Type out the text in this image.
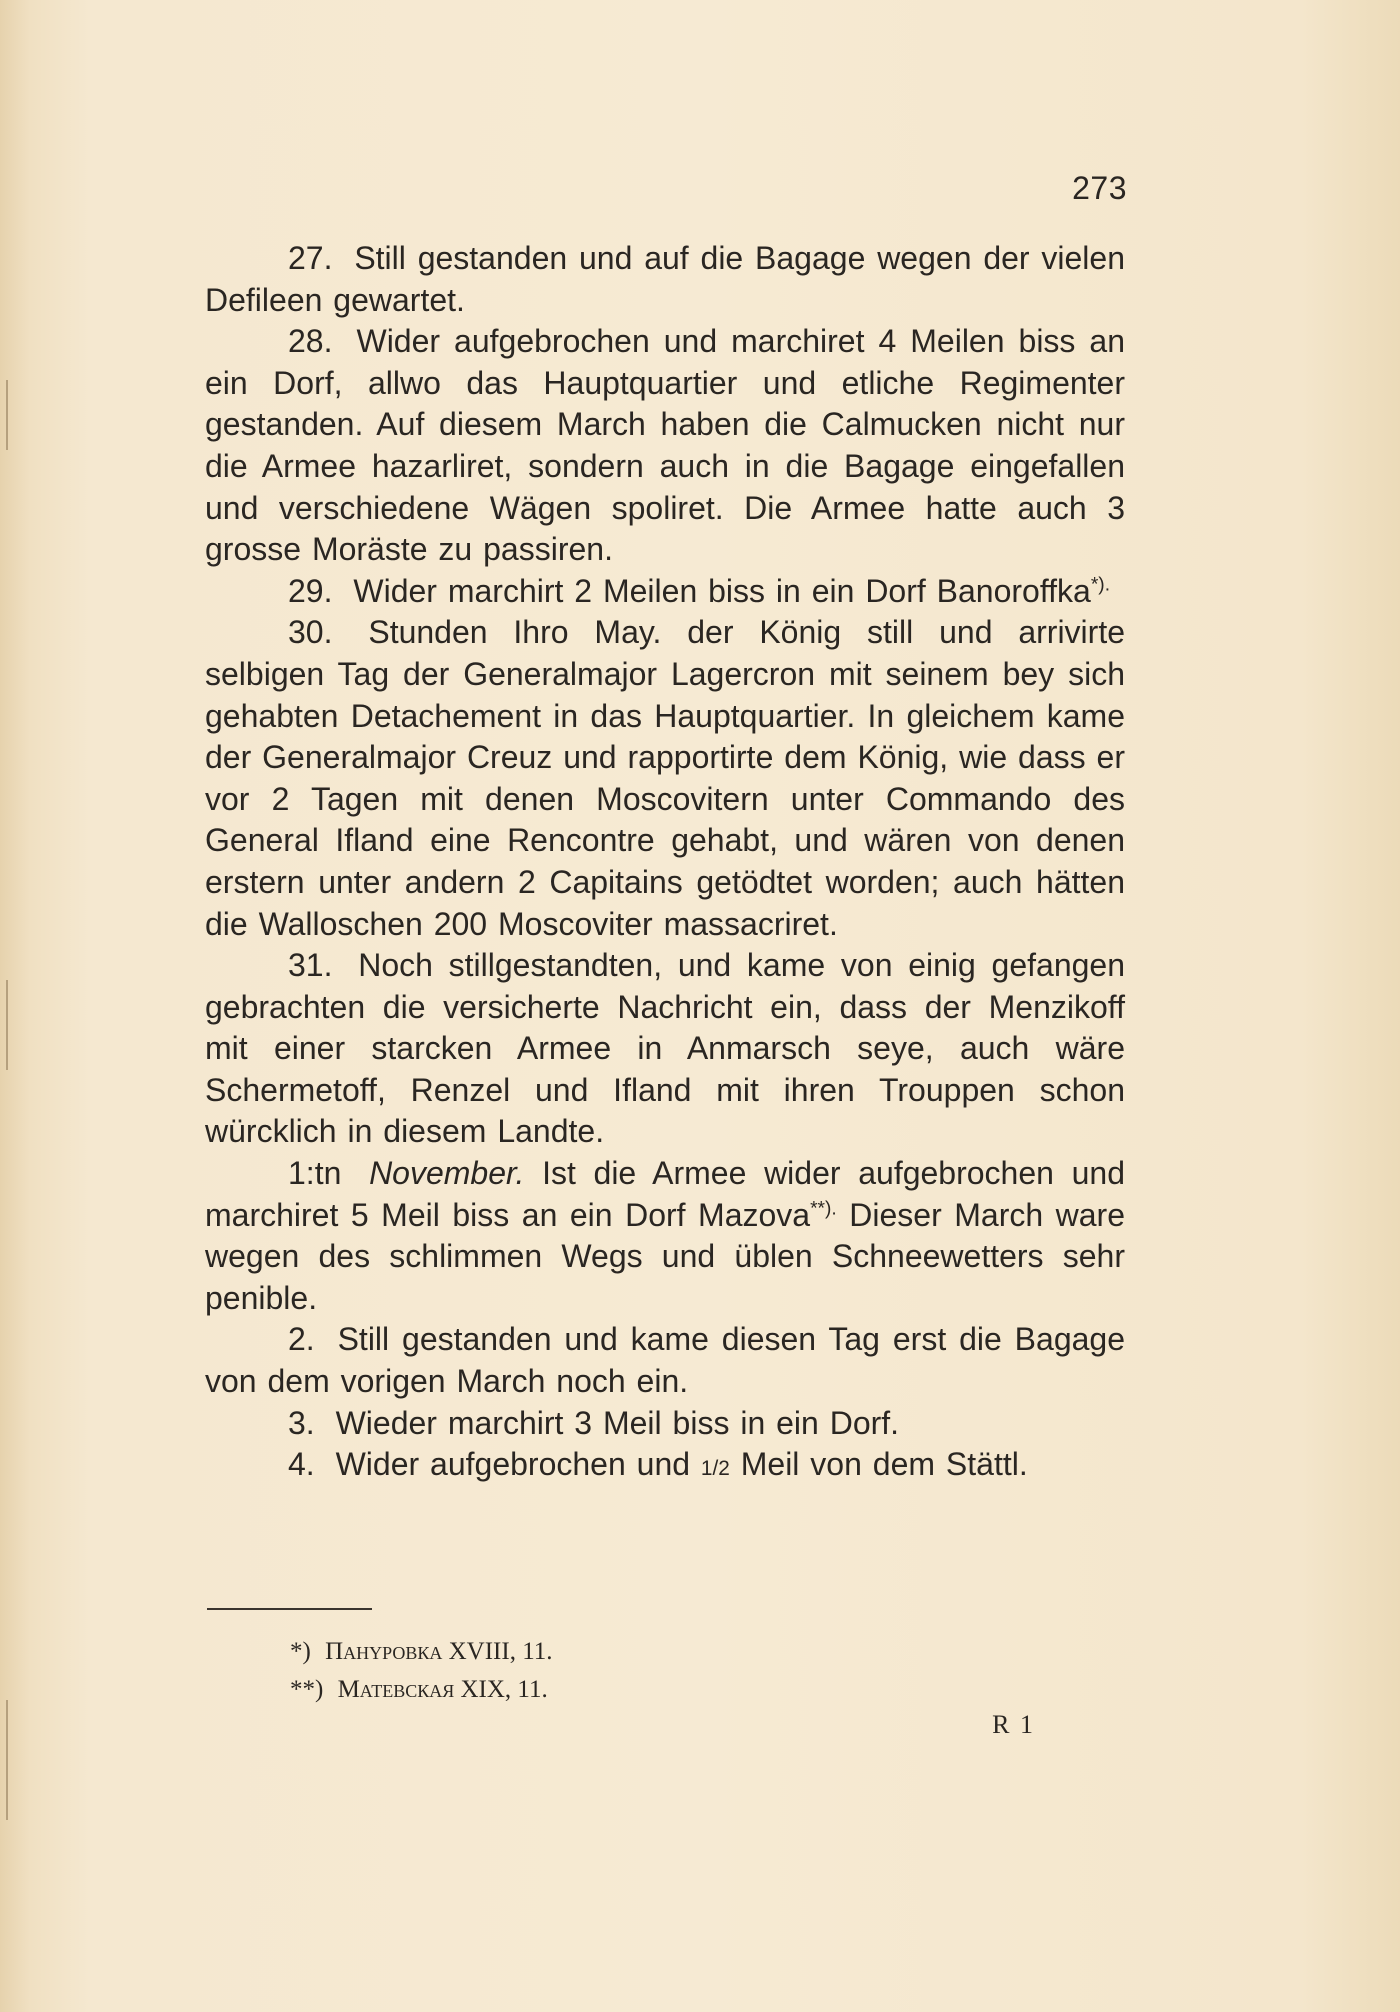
273

27. Still gestanden und auf die Bagage wegen der vielen Defileen gewartet.

28. Wider aufgebrochen und marchiret 4 Meilen biss an ein Dorf, allwo das Hauptquartier und etliche Regimenter gestanden. Auf diesem March haben die Calmucken nicht nur die Armee hazarliret, sondern auch in die Bagage eingefallen und verschiedene Wägen spoliret. Die Armee hatte auch 3 grosse Moräste zu passiren.

29. Wider marchirt 2 Meilen biss in ein Dorf Banoroffka*).

30. Stunden Ihro May. der König still und arrivirte selbigen Tag der Generalmajor Lagercron mit seinem bey sich gehabten Detachement in das Hauptquartier. In gleichem kame der Generalmajor Creuz und rapportirte dem König, wie dass er vor 2 Tagen mit denen Moscovitern unter Commando des General Ifland eine Rencontre gehabt, und wären von denen erstern unter andern 2 Capitains getödtet worden; auch hätten die Walloschen 200 Moscoviter massacriret.

31. Noch stillgestandten, und kame von einig gefangen gebrachten die versicherte Nachricht ein, dass der Menzikoff mit einer starcken Armee in Anmarsch seye, auch wäre Schermetoff, Renzel und Ifland mit ihren Trouppen schon würcklich in diesem Landte.

1:tn November. Ist die Armee wider aufgebrochen und marchiret 5 Meil biss an ein Dorf Mazova**). Dieser March ware wegen des schlimmen Wegs und üblen Schneewetters sehr penible.

2. Still gestanden und kame diesen Tag erst die Bagage von dem vorigen March noch ein.

3. Wieder marchirt 3 Meil biss in ein Dorf.

4. Wider aufgebrochen und 1/2 Meil von dem Stättl.

*) Панyровка XVIII, 11.

**) Матевская XIX, 11.

R 1
